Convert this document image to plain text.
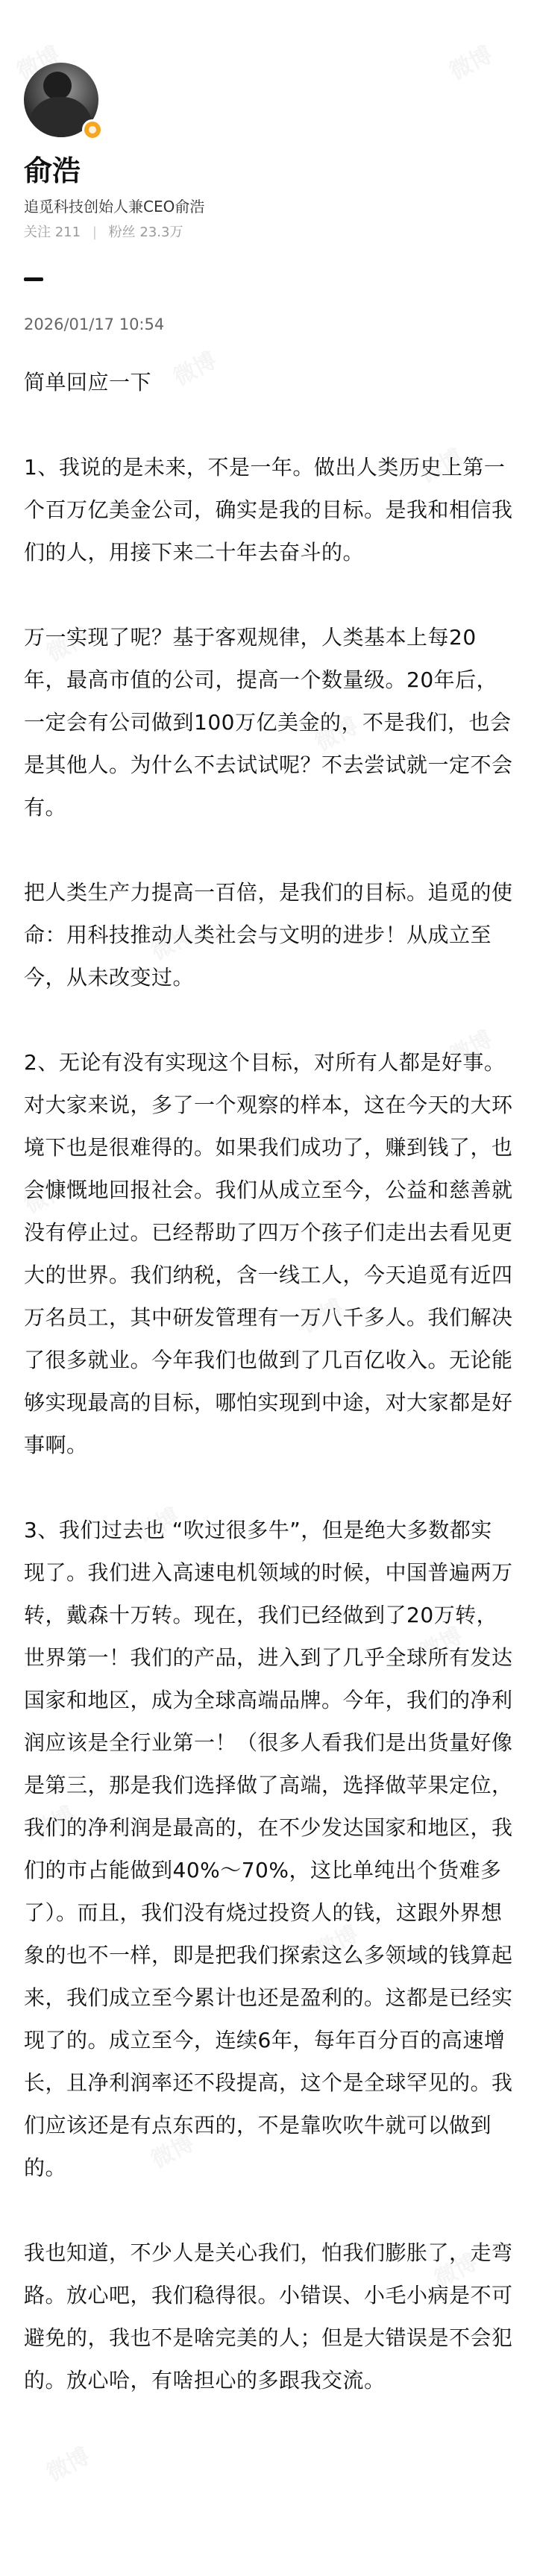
俞浩
追觅科技创始人兼CEO俞浩
关注 211 | 粉丝 23.3万
2026/01/17 10:54

简单回应一下

1、我说的是未来，不是一年。做出人类历史上第一个百万亿美金公司，确实是我的目标。是我和相信我们的人，用接下来二十年去奋斗的。

万一实现了呢？基于客观规律，人类基本上每20年，最高市值的公司，提高一个数量级。20年后，一定会有公司做到100万亿美金的，不是我们，也会是其他人。为什么不去试试呢？不去尝试就一定不会有。

把人类生产力提高一百倍，是我们的目标。追觅的使命：用科技推动人类社会与文明的进步！从成立至今，从未改变过。

2、无论有没有实现这个目标，对所有人都是好事。对大家来说，多了一个观察的样本，这在今天的大环境下也是很难得的。如果我们成功了，赚到钱了，也会慷慨地回报社会。我们从成立至今，公益和慈善就没有停止过。已经帮助了四万个孩子们走出去看见更大的世界。我们纳税，含一线工人，今天追觅有近四万名员工，其中研发管理有一万八千多人。我们解决了很多就业。今年我们也做到了几百亿收入。无论能够实现最高的目标，哪怕实现到中途，对大家都是好事啊。

3、我们过去也 “吹过很多牛”，但是绝大多数都实现了。我们进入高速电机领域的时候，中国普遍两万转，戴森十万转。现在，我们已经做到了20万转，世界第一！我们的产品，进入到了几乎全球所有发达国家和地区，成为全球高端品牌。今年，我们的净利润应该是全行业第一！（很多人看我们是出货量好像是第三，那是我们选择做了高端，选择做苹果定位，我们的净利润是最高的，在不少发达国家和地区，我们的市占能做到40%～70%，这比单纯出个货难多了）。而且，我们没有烧过投资人的钱，这跟外界想象的也不一样，即是把我们探索这么多领域的钱算起来，我们成立至今累计也还是盈利的。这都是已经实现了的。成立至今，连续6年，每年百分百的高速增长，且净利润率还不段提高，这个是全球罕见的。我们应该还是有点东西的，不是靠吹吹牛就可以做到的。

我也知道，不少人是关心我们，怕我们膨胀了，走弯路。放心吧，我们稳得很。小错误、小毛小病是不可避免的，我也不是啥完美的人；但是大错误是不会犯的。放心哈，有啥担心的多跟我交流。
